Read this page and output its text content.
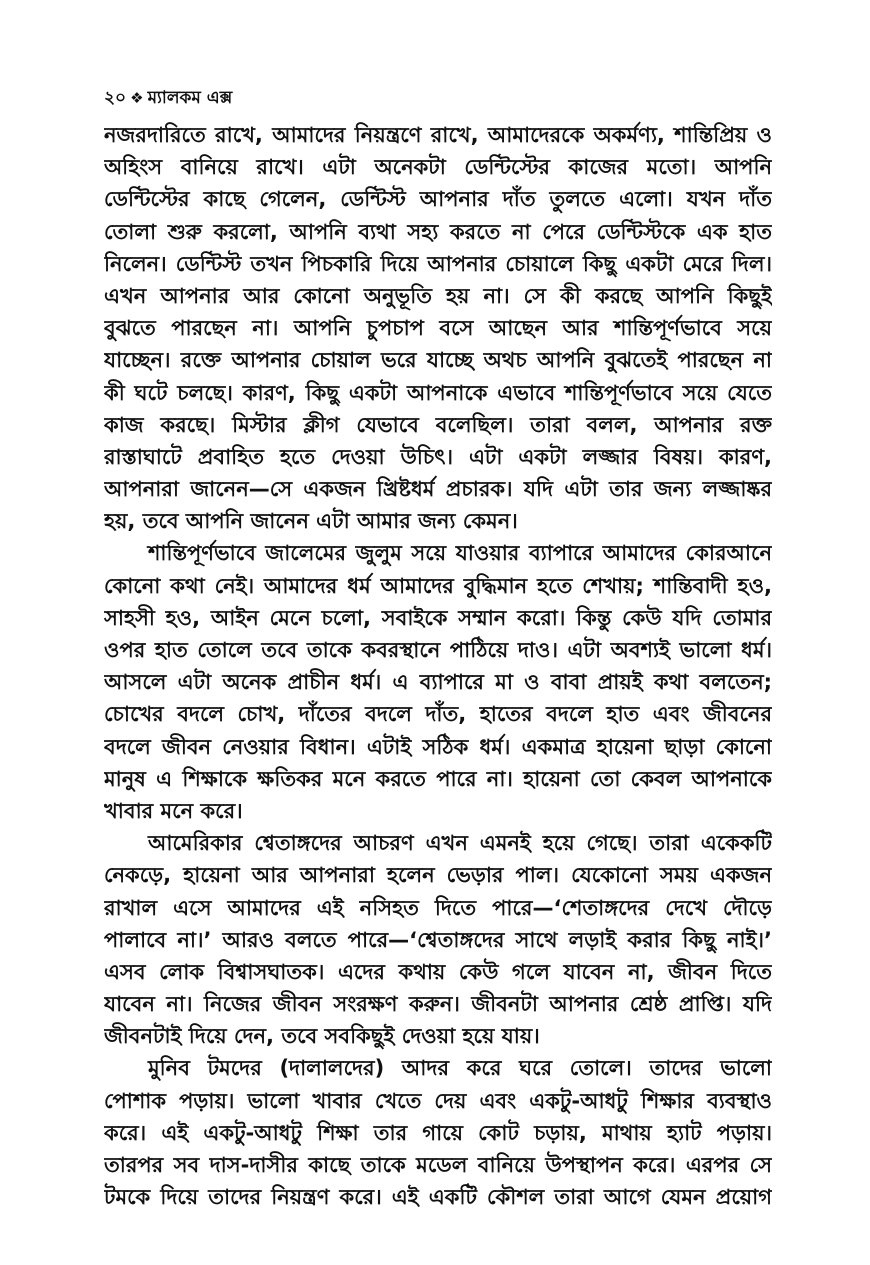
২০ ❖ ম্যালকম এক্স
নজরদারিতে রাখে, আমাদের নিয়ন্ত্রণে রাখে, আমাদেরকে অকর্মণ্য, শান্তিপ্রিয় ও
অহিংস বানিয়ে রাখে। এটা অনেকটা ডেন্টিস্টের কাজের মতো। আপনি
ডেন্টিস্টের কাছে গেলেন, ডেন্টিস্ট আপনার দাঁত তুলতে এলো। যখন দাঁত
তোলা শুরু করলো, আপনি ব্যথা সহ্য করতে না পেরে ডেন্টিস্টকে এক হাত
নিলেন। ডেন্টিস্ট তখন পিচকারি দিয়ে আপনার চোয়ালে কিছু একটা মেরে দিল।
এখন আপনার আর কোনো অনুভূতি হয় না। সে কী করছে আপনি কিছুই
বুঝতে পারছেন না। আপনি চুপচাপ বসে আছেন আর শান্তিপূর্ণভাবে সয়ে
যাচ্ছেন। রক্তে আপনার চোয়াল ভরে যাচ্ছে অথচ আপনি বুঝতেই পারছেন না
কী ঘটে চলছে। কারণ, কিছু একটা আপনাকে এভাবে শান্তিপূর্ণভাবে সয়ে যেতে
কাজ করছে। মিস্টার ক্লীগ যেভাবে বলেছিল। তারা বলল, আপনার রক্ত
রাস্তাঘাটে প্রবাহিত হতে দেওয়া উচিৎ। এটা একটা লজ্জার বিষয়। কারণ,
আপনারা জানেন—সে একজন খ্রিষ্টধর্ম প্রচারক। যদি এটা তার জন্য লজ্জাষ্কর
হয়, তবে আপনি জানেন এটা আমার জন্য কেমন।
শান্তিপূর্ণভাবে জালেমের জুলুম সয়ে যাওয়ার ব্যাপারে আমাদের কোরআনে
কোনো কথা নেই। আমাদের ধর্ম আমাদের বুদ্ধিমান হতে শেখায়; শান্তিবাদী হও,
সাহসী হও, আইন মেনে চলো, সবাইকে সম্মান করো। কিন্তু কেউ যদি তোমার
ওপর হাত তোলে তবে তাকে কবরস্থানে পাঠিয়ে দাও। এটা অবশ্যই ভালো ধর্ম।
আসলে এটা অনেক প্রাচীন ধর্ম। এ ব্যাপারে মা ও বাবা প্রায়ই কথা বলতেন;
চোখের বদলে চোখ, দাঁতের বদলে দাঁত, হাতের বদলে হাত এবং জীবনের
বদলে জীবন নেওয়ার বিধান। এটাই সঠিক ধর্ম। একমাত্র হায়েনা ছাড়া কোনো
মানুষ এ শিক্ষাকে ক্ষতিকর মনে করতে পারে না। হায়েনা তো কেবল আপনাকে
খাবার মনে করে।
আমেরিকার শ্বেতাঙ্গদের আচরণ এখন এমনই হয়ে গেছে। তারা একেকটি
নেকড়ে, হায়েনা আর আপনারা হলেন ভেড়ার পাল। যেকোনো সময় একজন
রাখাল এসে আমাদের এই নসিহত দিতে পারে—‘শেতাঙ্গদের দেখে দৌড়ে
পালাবে না।’ আরও বলতে পারে—‘শ্বেতাঙ্গদের সাথে লড়াই করার কিছু নাই।’
এসব লোক বিশ্বাসঘাতক। এদের কথায় কেউ গলে যাবেন না, জীবন দিতে
যাবেন না। নিজের জীবন সংরক্ষণ করুন। জীবনটা আপনার শ্রেষ্ঠ প্রাপ্তি। যদি
জীবনটাই দিয়ে দেন, তবে সবকিছুই দেওয়া হয়ে যায়।
মুনিব টমদের (দালালদের) আদর করে ঘরে তোলে। তাদের ভালো
পোশাক পড়ায়। ভালো খাবার খেতে দেয় এবং একটু-আধটু শিক্ষার ব্যবস্থাও
করে। এই একটু-আধটু শিক্ষা তার গায়ে কোট চড়ায়, মাথায় হ্যাট পড়ায়।
তারপর সব দাস-দাসীর কাছে তাকে মডেল বানিয়ে উপস্থাপন করে। এরপর সে
টমকে দিয়ে তাদের নিয়ন্ত্রণ করে। এই একটি কৌশল তারা আগে যেমন প্রয়োগ
